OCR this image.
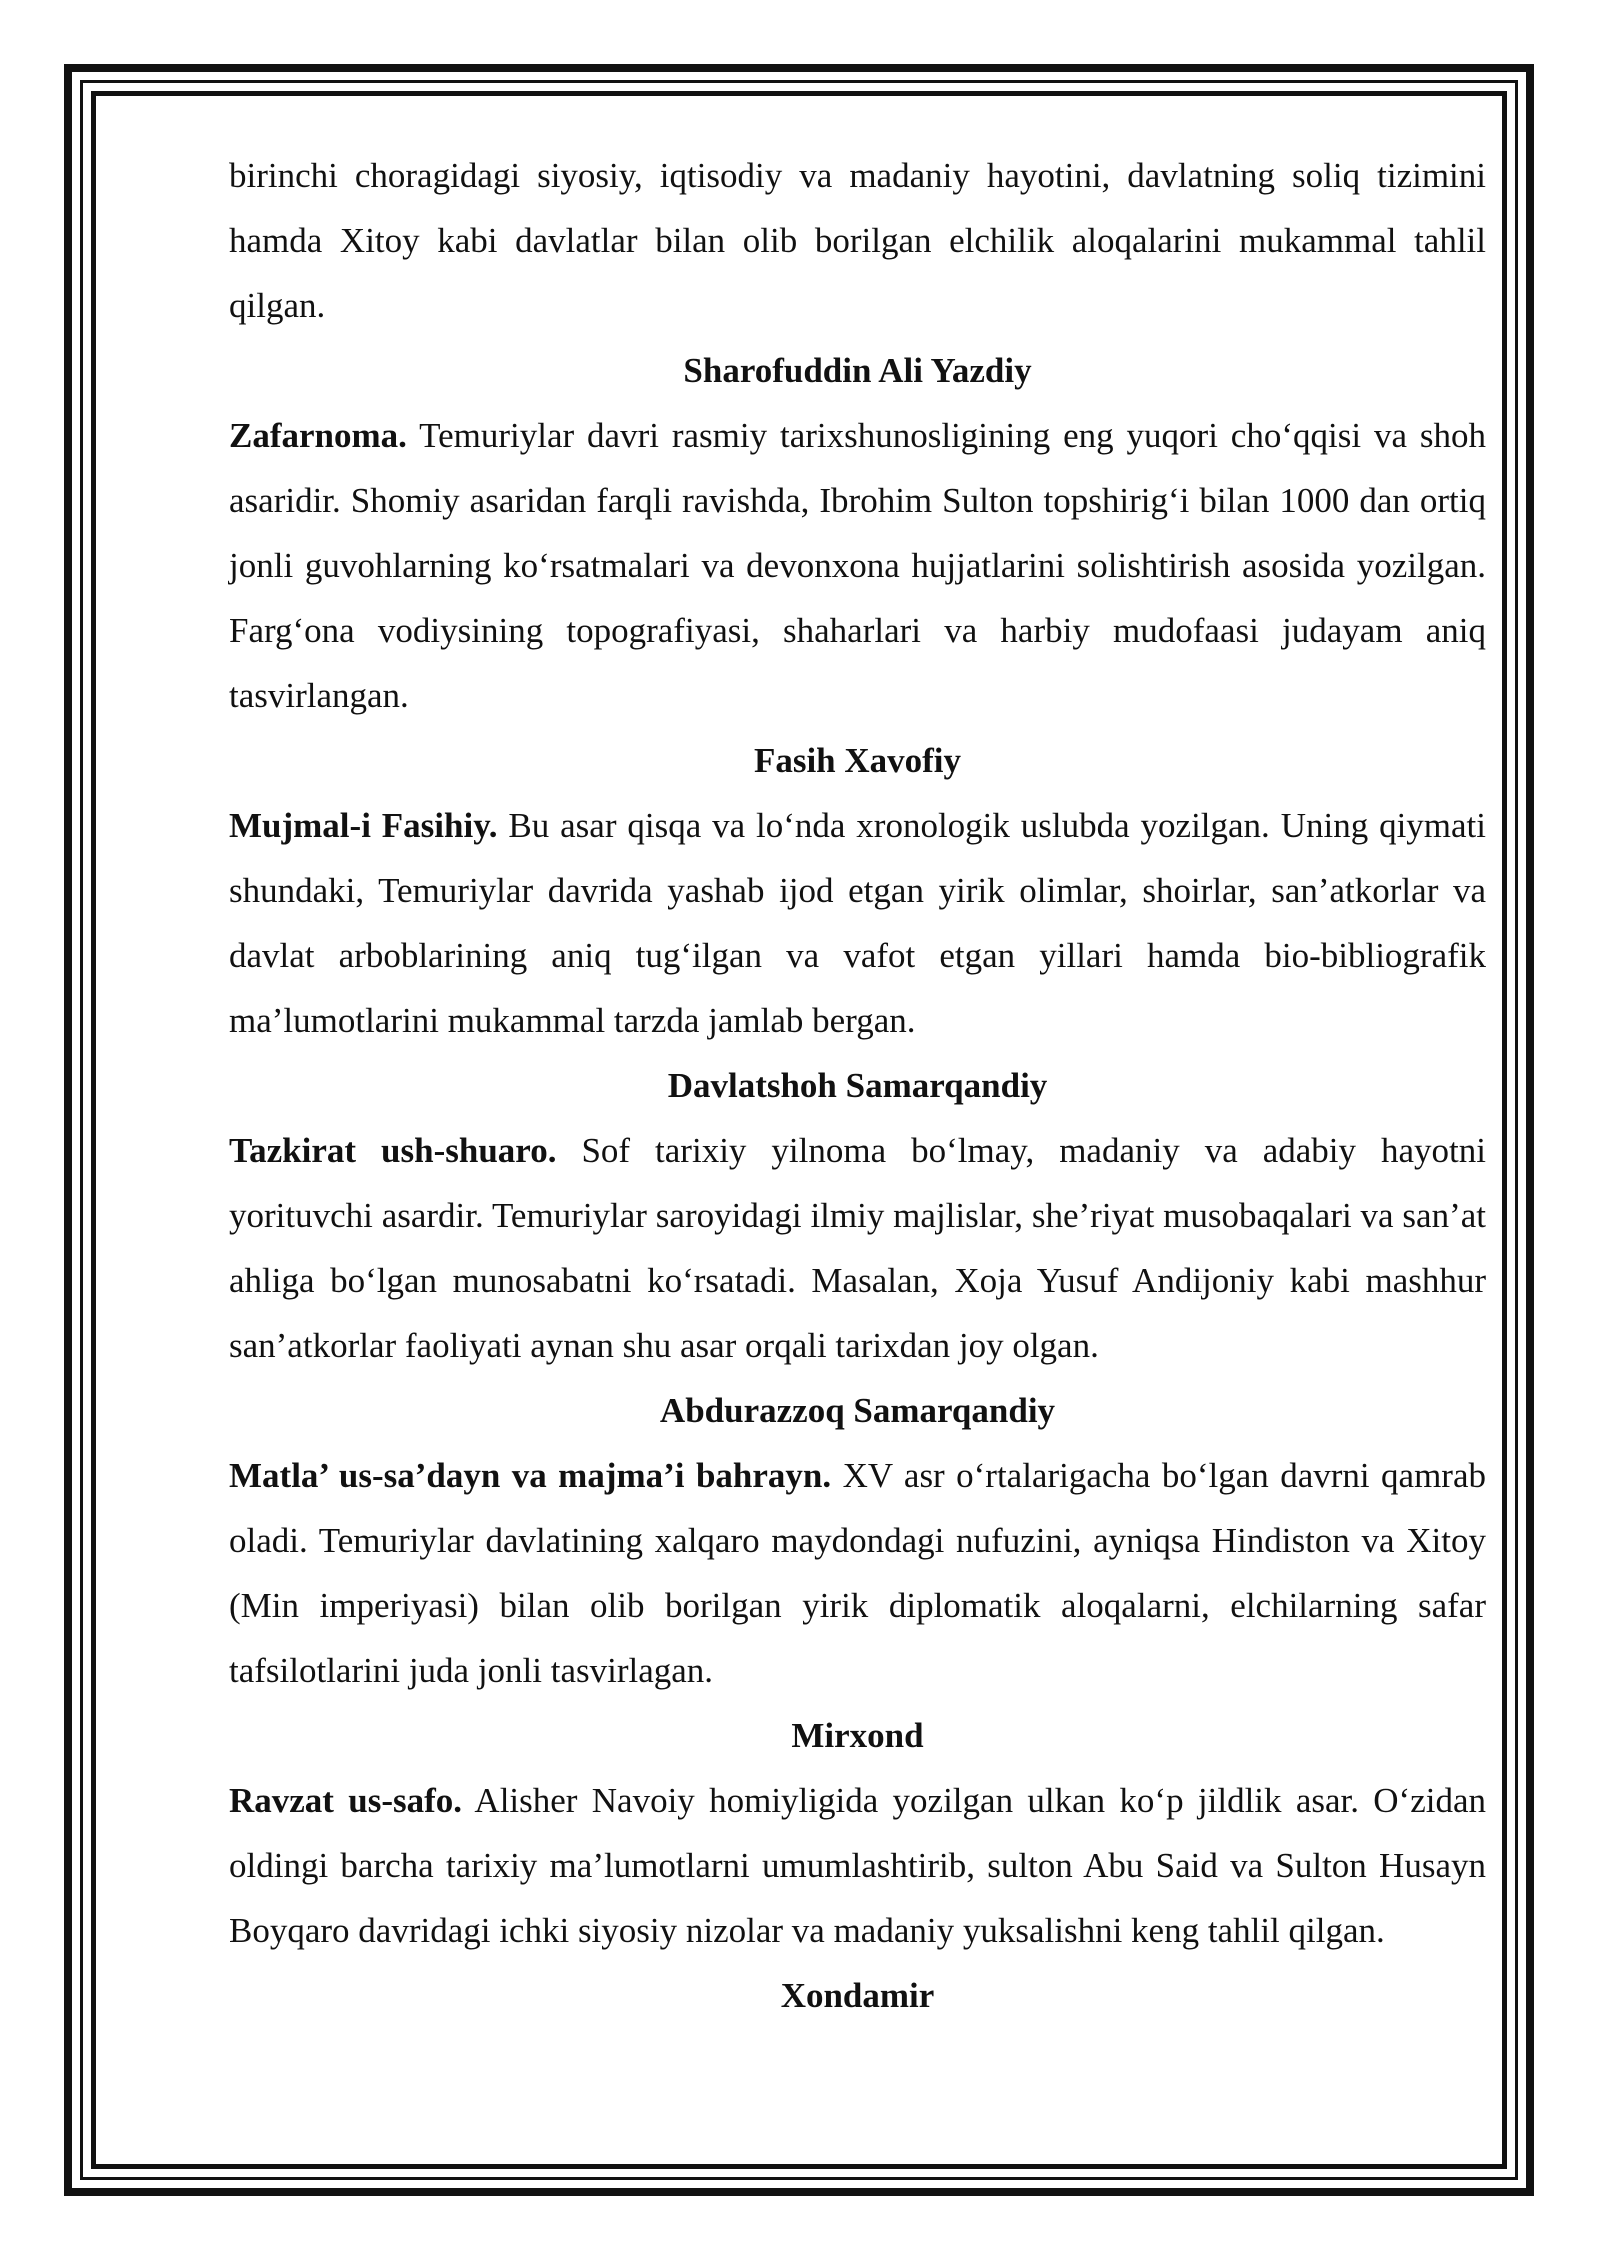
birinchi choragidagi siyosiy, iqtisodiy va madaniy hayotini, davlatning soliq tizimini hamda Xitoy kabi davlatlar bilan olib borilgan elchilik aloqalarini mukammal tahlil qilgan.

Sharofuddin Ali Yazdiy

Zafarnoma. Temuriylar davri rasmiy tarixshunosligining eng yuqori cho‘qqisi va shoh asaridir. Shomiy asaridan farqli ravishda, Ibrohim Sulton topshirig‘i bilan 1000 dan ortiq jonli guvohlarning ko‘rsatmalari va devonxona hujjatlarini solishtirish asosida yozilgan. Farg‘ona vodiysining topografiyasi, shaharlari va harbiy mudofaasi judayam aniq tasvirlangan.

Fasih Xavofiy

Mujmal-i Fasihiy. Bu asar qisqa va lo‘nda xronologik uslubda yozilgan. Uning qiymati shundaki, Temuriylar davrida yashab ijod etgan yirik olimlar, shoirlar, san’atkorlar va davlat arboblarining aniq tug‘ilgan va vafot etgan yillari hamda bio-bibliografik ma’lumotlarini mukammal tarzda jamlab bergan.

Davlatshoh Samarqandiy

Tazkirat ush-shuaro. Sof tarixiy yilnoma bo‘lmay, madaniy va adabiy hayotni yorituvchi asardir. Temuriylar saroyidagi ilmiy majlislar, she’riyat musobaqalari va san’at ahliga bo‘lgan munosabatni ko‘rsatadi. Masalan, Xoja Yusuf Andijoniy kabi mashhur san’atkorlar faoliyati aynan shu asar orqali tarixdan joy olgan.

Abdurazzoq Samarqandiy

Matla’ us-sa’dayn va majma’i bahrayn. XV asr o‘rtalarigacha bo‘lgan davrni qamrab oladi. Temuriylar davlatining xalqaro maydondagi nufuzini, ayniqsa Hindiston va Xitoy (Min imperiyasi) bilan olib borilgan yirik diplomatik aloqalarni, elchilarning safar tafsilotlarini juda jonli tasvirlagan.

Mirxond

Ravzat us-safo. Alisher Navoiy homiyligida yozilgan ulkan ko‘p jildlik asar. O‘zidan oldingi barcha tarixiy ma’lumotlarni umumlashtirib, sulton Abu Said va Sulton Husayn Boyqaro davridagi ichki siyosiy nizolar va madaniy yuksalishni keng tahlil qilgan.

Xondamir
